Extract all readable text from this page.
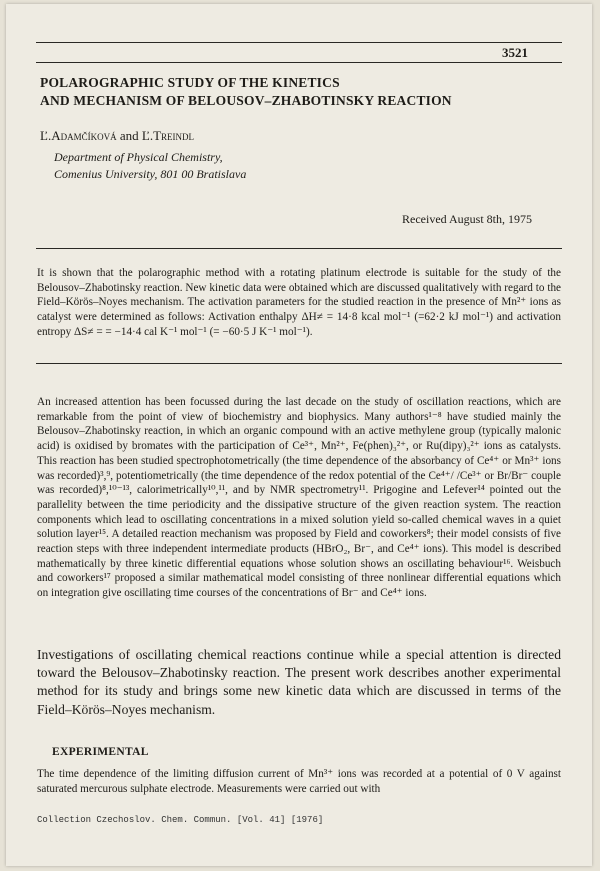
3521
POLAROGRAPHIC STUDY OF THE KINETICS
AND MECHANISM OF BELOUSOV–ZHABOTINSKY REACTION
Ľ.Adamčíková and Ľ.Treindl
Department of Physical Chemistry,
Comenius University, 801 00 Bratislava
Received August 8th, 1975

It is shown that the polarographic method with a rotating platinum electrode is suitable for the study of the Belousov–Zhabotinsky reaction. New kinetic data were obtained which are discussed qualitatively with regard to the Field–Körös–Noyes mechanism. The activation parameters for the studied reaction in the presence of Mn²⁺ ions as catalyst were determined as follows: Activation enthalpy ΔH≠ = 14·8 kcal mol⁻¹ (=62·2 kJ mol⁻¹) and activation entropy ΔS≠ = = −14·4 cal K⁻¹ mol⁻¹ (= −60·5 J K⁻¹ mol⁻¹).

An increased attention has been focussed during the last decade on the study of oscillation reactions, which are remarkable from the point of view of biochemistry and biophysics. Many authors¹⁻⁸ have studied mainly the Belousov–Zhabotinsky reaction, in which an organic compound with an active methylene group (typically malonic acid) is oxidised by bromates with the participation of Ce³⁺, Mn²⁺, Fe(phen)₃²⁺, or Ru(dipy)₃²⁺ ions as catalysts. This reaction has been studied spectrophotometrically (the time dependence of the absorbancy of Ce⁴⁺ or Mn³⁺ ions was recorded)³,⁹, potentiometrically (the time dependence of the redox potential of the Ce⁴⁺/ /Ce³⁺ or Br/Br⁻ couple was recorded)⁸,¹⁰⁻¹³, calorimetrically¹⁰,¹¹, and by NMR spectrometry¹¹. Prigogine and Lefever¹⁴ pointed out the parallelity between the time periodicity and the dissipative structure of the given reaction system. The reaction components which lead to oscillating concentrations in a mixed solution yield so-called chemical waves in a quiet solution layer¹⁵. A detailed reaction mechanism was proposed by Field and coworkers⁸; their model consists of five reaction steps with three independent intermediate products (HBrO₂, Br⁻, and Ce⁴⁺ ions). This model is described mathematically by three kinetic differential equations whose solution shows an oscillating behaviour¹⁶. Weisbuch and coworkers¹⁷ proposed a similar mathematical model consisting of three nonlinear differential equations which on integration give oscillating time courses of the concentrations of Br⁻ and Ce⁴⁺ ions.

Investigations of oscillating chemical reactions continue while a special attention is directed toward the Belousov–Zhabotinsky reaction. The present work describes another experimental method for its study and brings some new kinetic data which are discussed in terms of the Field–Körös–Noyes mechanism.

EXPERIMENTAL

The time dependence of the limiting diffusion current of Mn³⁺ ions was recorded at a potential of 0 V against saturated mercurous sulphate electrode. Measurements were carried out with

Collection Czechoslov. Chem. Commun. [Vol. 41] [1976]
